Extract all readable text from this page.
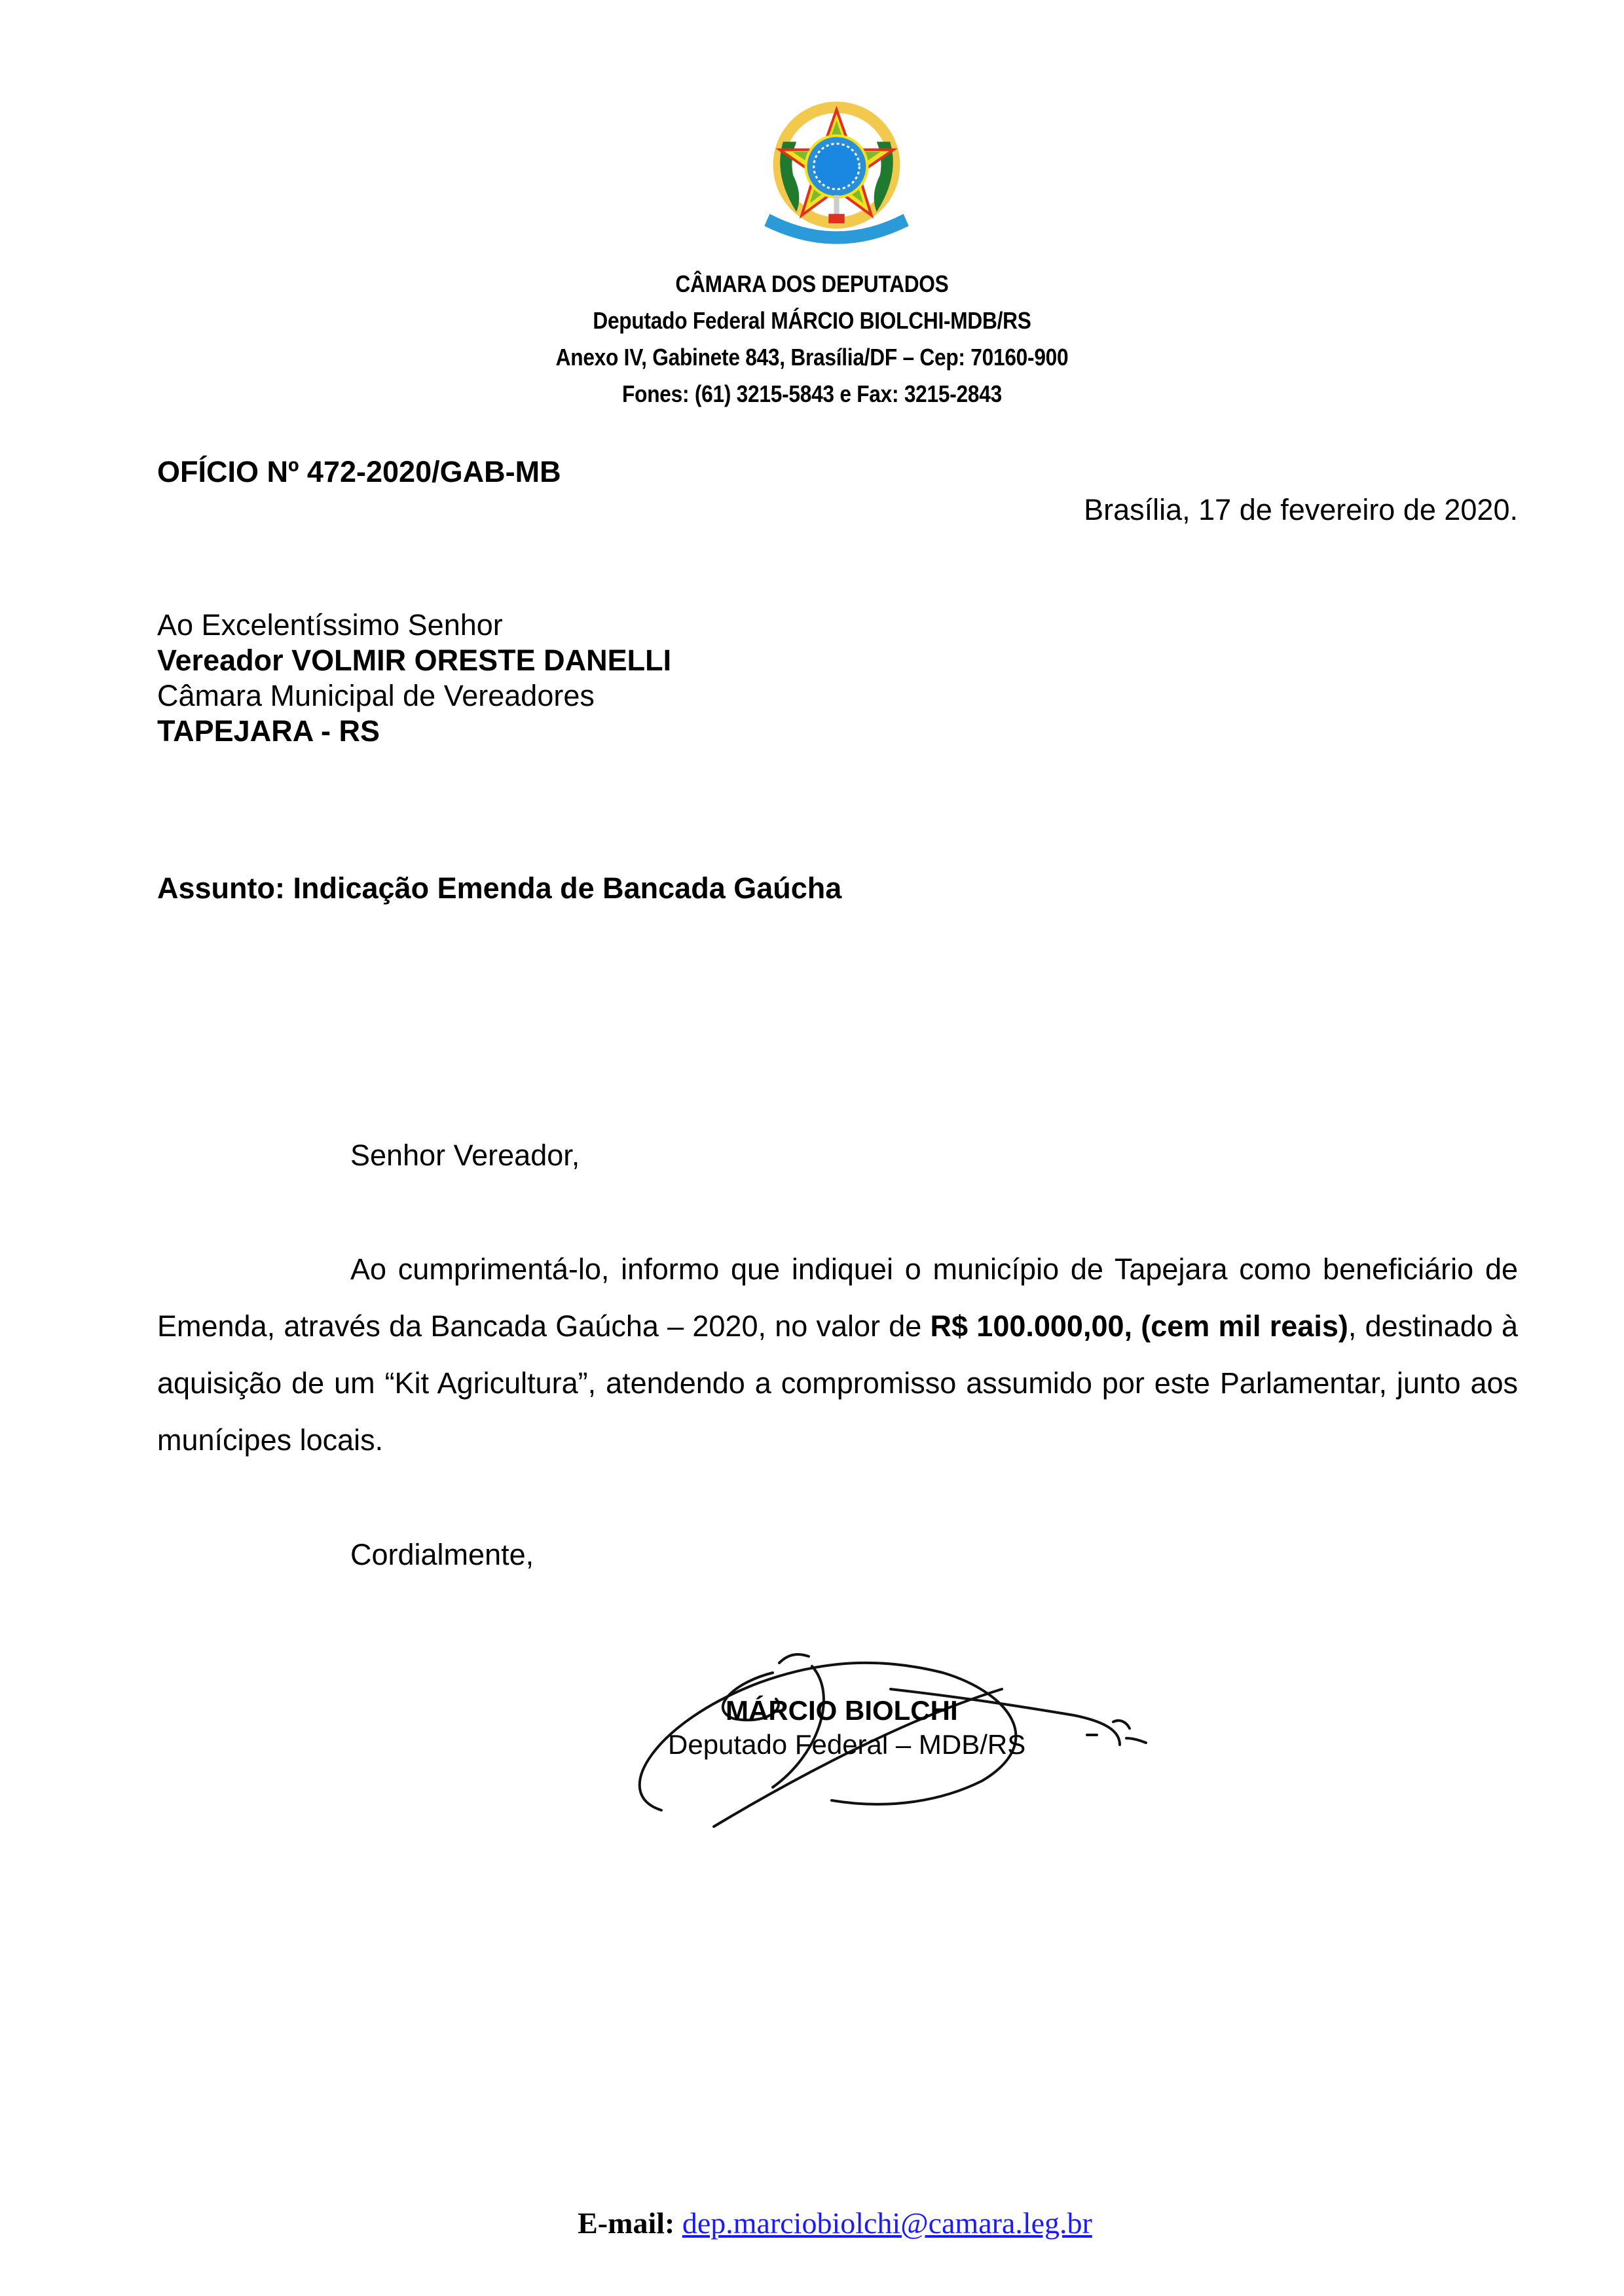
CÂMARA DOS DEPUTADOS
Deputado Federal MÁRCIO BIOLCHI-MDB/RS
Anexo IV, Gabinete 843, Brasília/DF – Cep: 70160-900
Fones: (61) 3215-5843 e Fax: 3215-2843
OFÍCIO Nº 472-2020/GAB-MB
Brasília, 17 de fevereiro de 2020.
Ao Excelentíssimo Senhor
Vereador VOLMIR ORESTE DANELLI
Câmara Municipal de Vereadores
TAPEJARA - RS
Assunto: Indicação Emenda de Bancada Gaúcha
Senhor Vereador,
Ao cumprimentá-lo, informo que indiquei o município de Tapejara como beneficiário de Emenda, através da Bancada Gaúcha – 2020, no valor de R$ 100.000,00, (cem mil reais), destinado à aquisição de um “Kit Agricultura”, atendendo a compromisso assumido por este Parlamentar, junto aos munícipes locais.
Cordialmente,
MÁRCIO BIOLCHI
Deputado Federal – MDB/RS
E-mail: dep.marciobiolchi@camara.leg.br
